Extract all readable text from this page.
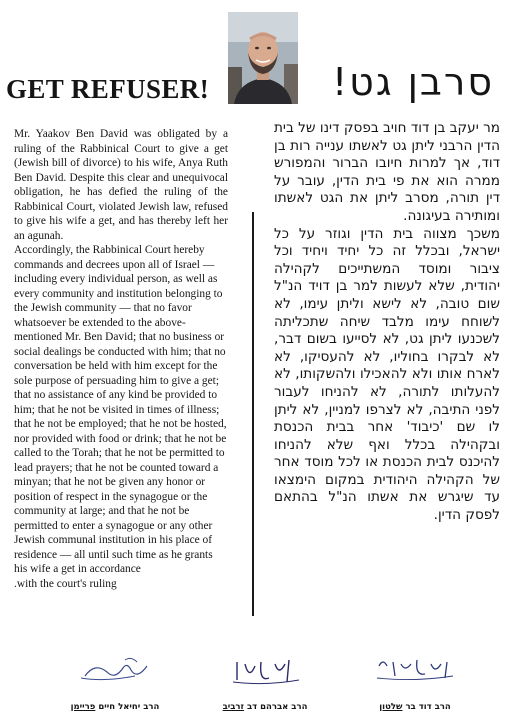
GET REFUSER!	סרבן גט!

Mr. Yaakov Ben David was obligated by a ruling of the Rabbinical Court to give a get (Jewish bill of divorce) to his wife, Anya Ruth Ben David. Despite this clear and unequivocal obligation, he has defied the ruling of the Rabbinical Court, violated Jewish law, refused to give his wife a get, and has thereby left her an agunah.

Accordingly, the Rabbinical Court hereby commands and decrees upon all of Israel — including every individual person, as well as every community and institution belonging to the Jewish community — that no favor whatsoever be extended to the above-mentioned Mr. Ben David; that no business or social dealings be conducted with him; that no conversation be held with him except for the sole purpose of persuading him to give a get; that no assistance of any kind be provided to him; that he not be visited in times of illness; that he not be employed; that he not be hosted, nor provided with food or drink; that he not be called to the Torah; that he not be permitted to lead prayers; that he not be counted toward a minyan; that he not be given any honor or position of respect in the synagogue or the community at large; and that he not be permitted to enter a synagogue or any other Jewish communal institution in his place of residence — all until such time as he grants his wife a get in accordance

with the court's ruling.

מר יעקב בן דוד חויב בפסק דינו של בית הדין הרבני ליתן גט לאשתו ענייה רות בן דוד, אך למרות חיובו הברור והמפורש ממרה הוא את פי בית הדין, עובר על דין תורה, מסרב ליתן את הגט לאשתו ומותירה בעיגונה.

משכך מצווה בית הדין וגוזר על כל ישראל, ובכלל זה כל יחיד ויחיד וכל ציבור ומוסד המשתייכים לקהילה יהודית, שלא לעשות למר בן דויד הנ"ל שום טובה, לא לישא וליתן עימו, לא לשוחח עימו מלבד שיחה שתכליתה לשכנעו ליתן גט, לא לסייעו בשום דבר, לא לבקרו בחוליו, לא להעסיקו, לא לארח אותו ולא להאכילו ולהשקותו, לא להעלותו לתורה, לא להניחו לעבור לפני התיבה, לא לצרפו למניין, לא ליתן לו שם 'כיבוד' אחר בבית הכנסת ובקהילה בכלל ואף שלא להניחו להיכנס לבית הכנסת או לכל מוסד אחר של הקהילה היהודית במקום הימצאו עד שיגרש את אשתו הנ"ל בהתאם לפסק הדין.

הרב יחיאל חיים פריימן	הרב אברהם דב זרביב	הרב דוד בר שלטון
